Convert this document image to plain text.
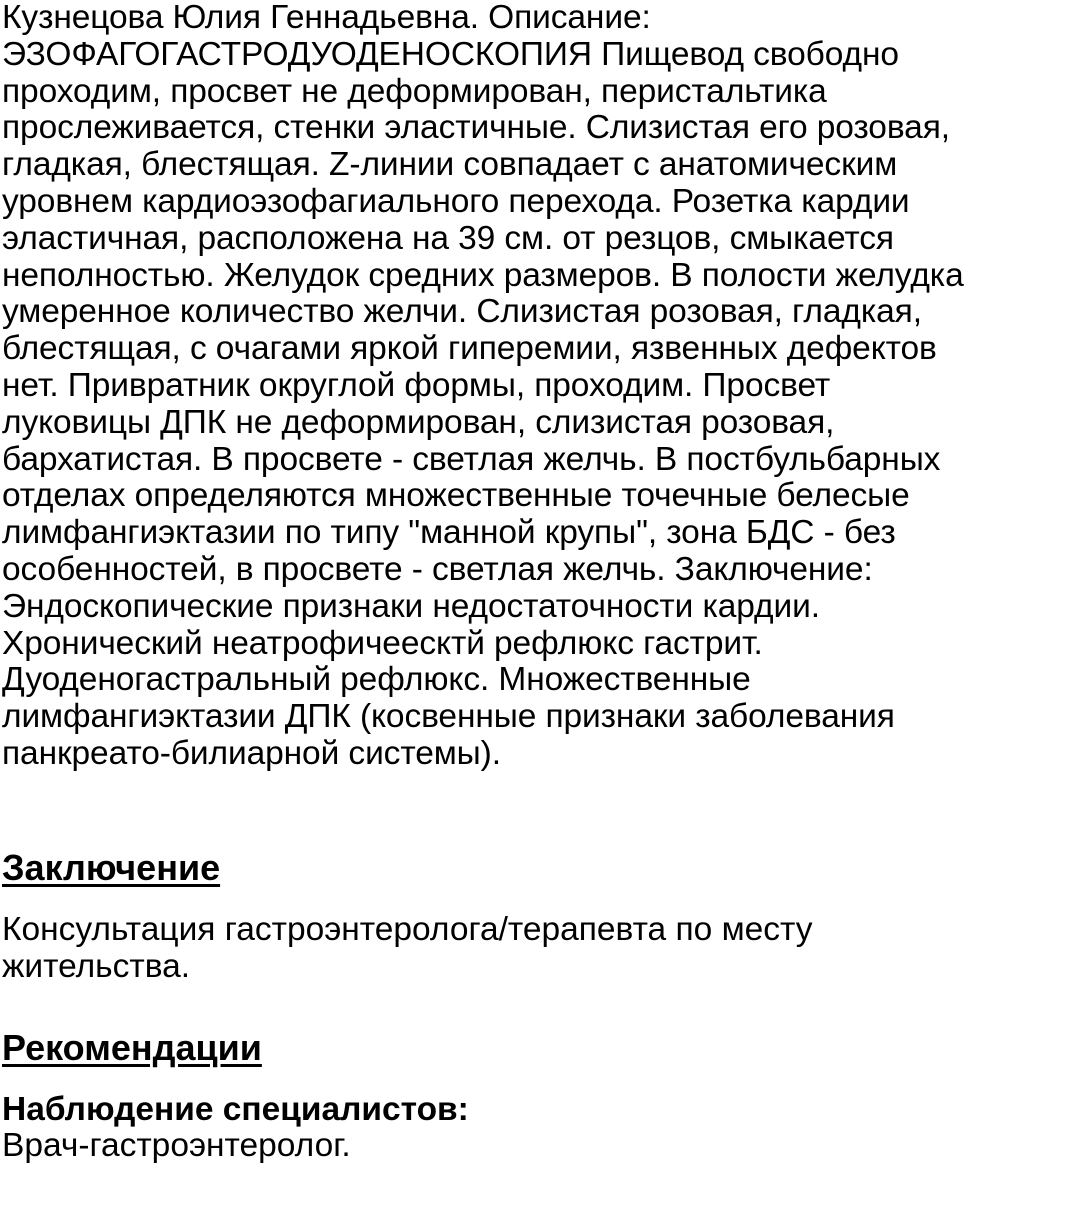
Кузнецова Юлия Геннадьевна. Описание:
ЭЗОФАГОГАСТРОДУОДЕНОСКОПИЯ Пищевод свободно
проходим, просвет не деформирован, перистальтика
прослеживается, стенки эластичные. Слизистая его розовая,
гладкая, блестящая. Z-линии совпадает с анатомическим
уровнем кардиоэзофагиального перехода. Розетка кардии
эластичная, расположена на 39 см. от резцов, смыкается
неполностью. Желудок средних размеров. В полости желудка
умеренное количество желчи. Слизистая розовая, гладкая,
блестящая, с очагами яркой гиперемии, язвенных дефектов
нет. Привратник округлой формы, проходим. Просвет
луковицы ДПК не деформирован, слизистая розовая,
бархатистая. В просвете - светлая желчь. В постбульбарных
отделах определяются множественные точечные белесые
лимфангиэктазии по типу "манной крупы", зона БДС - без
особенностей, в просвете - светлая желчь. Заключение:
Эндоскопические признаки недостаточности кардии.
Хронический неатрофичеесктй рефлюкс гастрит.
Дуоденогастральный рефлюкс. Множественные
лимфангиэктазии ДПК (косвенные признаки заболевания
панкреато-билиарной системы).
Заключение
Консультация гастроэнтеролога/терапевта по месту
жительства.
Рекомендации

Наблюдение специалистов:

Врач-гастроэнтеролог.
